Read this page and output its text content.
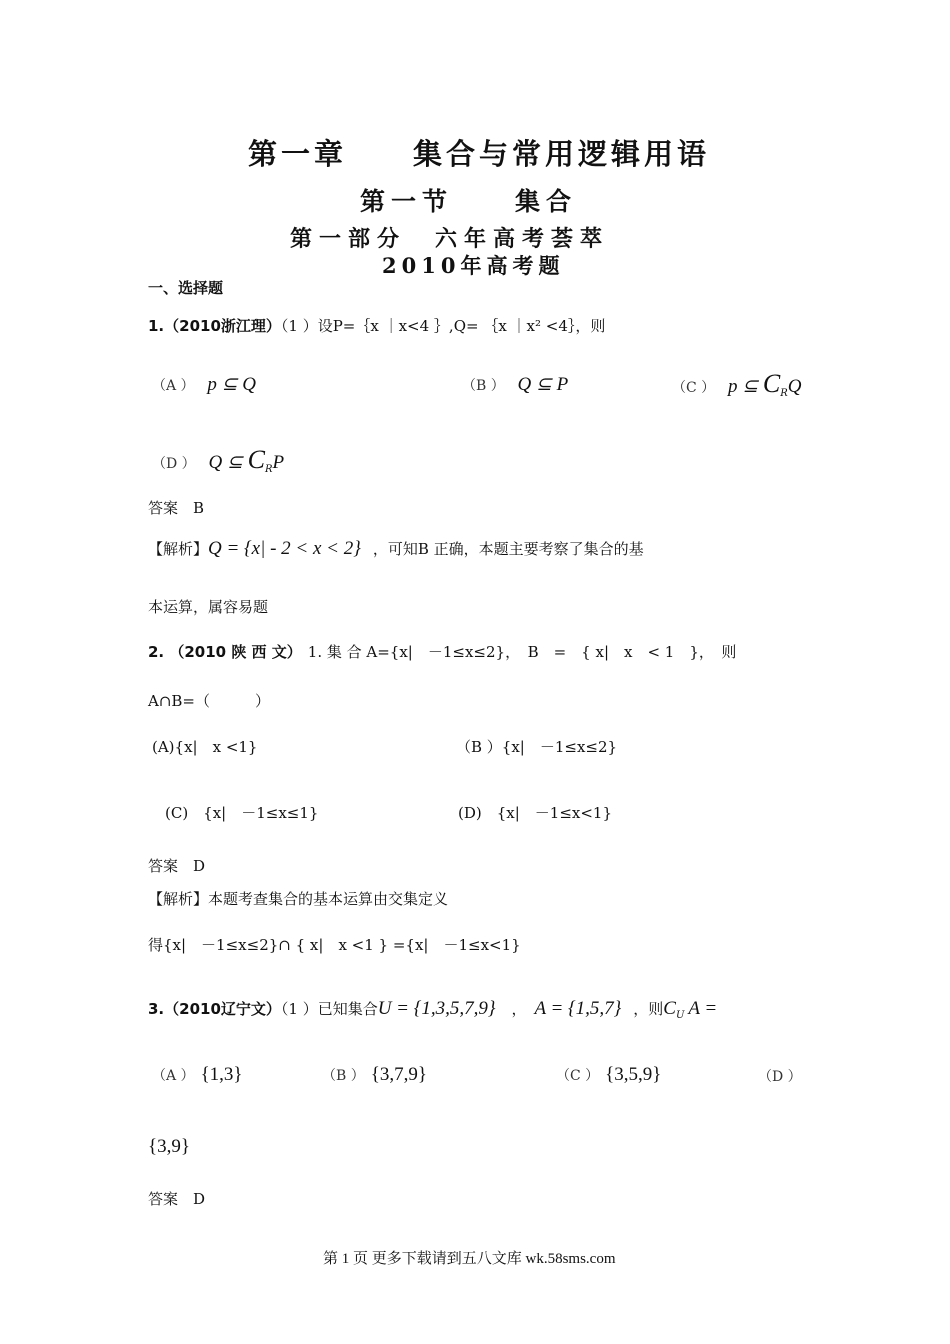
第一章　　集合与常用逻辑用语
第一节　　集合
第一部分　六年高考荟萃
2010年高考题
一、选择题
1.（2010浙江理）（1 ）设P=｛x ｜x<4 ｝,Q= ｛x ｜x² <4｝，则
（A ） p ⊆ Q	（B ） Q ⊆ P	（C ） p ⊆ $C_RQ$
（D ） Q ⊆ $C_RP$
答案　B
【解析】Q = {x| - 2 < x < 2} ，可知B 正确，本题主要考察了集合的基
本运算，属容易题
2. （2010 陕 西 文） 1. 集 合 A={x|　－1≤x≤2}，　B　=　{ x|　x　< 1　}，　则
A∩B=（　　　）
(A){x|　x <1}	（B ）{x|　－1≤x≤2}
(C)　{x|　－1≤x≤1}	(D)　{x|　－1≤x<1}
答案　D
【解析】本题考查集合的基本运算由交集定义
得{x|　－1≤x≤2}∩ { x|　x <1 } ={x|　－1≤x<1}
3.（2010辽宁文）（1 ）已知集合U = {1,3,5,7,9} ， A = {1,5,7} ，则$C_U$ A =
（A ） {1,3}	（B ） {3,7,9}	（C ） {3,5,9}	（D ）
{3,9}
答案　D
第 1 页 更多下载请到五八文库 wk.58sms.com
